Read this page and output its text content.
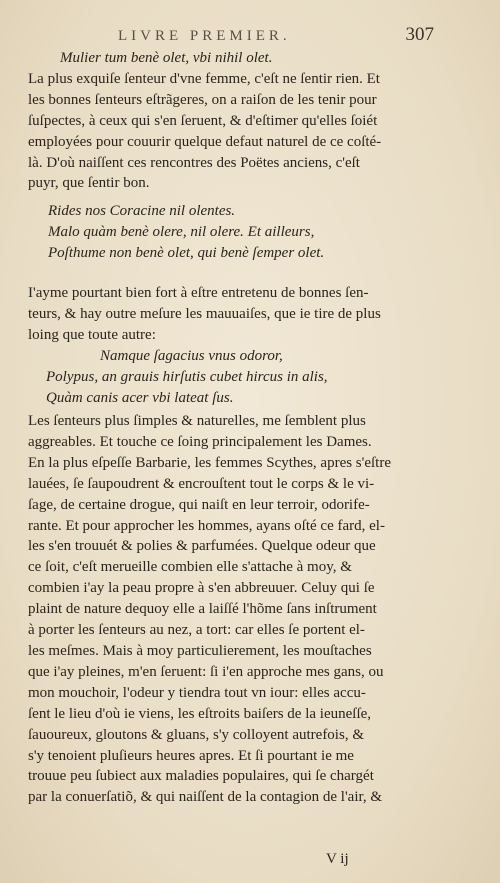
LIVRE PREMIER.	307
Mulier tum benè olet, vbi nihil olet.
La plus exquiſe ſenteur d'vne femme, c'eſt ne ſentir rien. Et
les bonnes ſenteurs eſtrãgeres, on a raiſon de les tenir pour
ſuſpectes, à ceux qui s'en ſeruent, & d'eſtimer qu'elles ſoiét
employées pour couurir quelque defaut naturel de ce coſté-
là. D'où naiſſent ces rencontres des Poëtes anciens, c'eſt
puyr, que ſentir bon.
Rides nos Coracine nil olentes.
Malo quàm benè olere, nil olere. Et ailleurs,
Poſthume non benè olet, qui benè ſemper olet.
I'ayme pourtant bien fort à eſtre entretenu de bonnes ſen-
teurs, & hay outre meſure les mauuaiſes, que ie tire de plus
loing que toute autre:
Namque ſagacius vnus odoror,
Polypus, an grauis hirſutis cubet hircus in alis,
Quàm canis acer vbi lateat ſus.
Les ſenteurs plus ſimples & naturelles, me ſemblent plus
aggreables. Et touche ce ſoing principalement les Dames.
En la plus eſpeſſe Barbarie, les femmes Scythes, apres s'eſtre
lauées, ſe ſaupoudrent & encrouſtent tout le corps & le vi-
ſage, de certaine drogue, qui naiſt en leur terroir, odorife-
rante. Et pour approcher les hommes, ayans oſté ce fard, el-
les s'en trouuét & polies & parfumées. Quelque odeur que
ce ſoit, c'eſt merueille combien elle s'attache à moy, &
combien i'ay la peau propre à s'en abbreuuer. Celuy qui ſe
plaint de nature dequoy elle a laiſſé l'hõme ſans inſtrument
à porter les ſenteurs au nez, a tort: car elles ſe portent el-
les meſmes. Mais à moy particulierement, les mouſtaches
que i'ay pleines, m'en ſeruent: ſi i'en approche mes gans, ou
mon mouchoir, l'odeur y tiendra tout vn iour: elles accu-
ſent le lieu d'où ie viens, les eſtroits baiſers de la ieuneſſe,
ſauoureux, gloutons & gluans, s'y colloyent autrefois, &
s'y tenoient pluſieurs heures apres. Et ſi pourtant ie me
trouue peu ſubiect aux maladies populaires, qui ſe chargét
par la conuerſatiõ, & qui naiſſent de la contagion de l'air, &
V ij
